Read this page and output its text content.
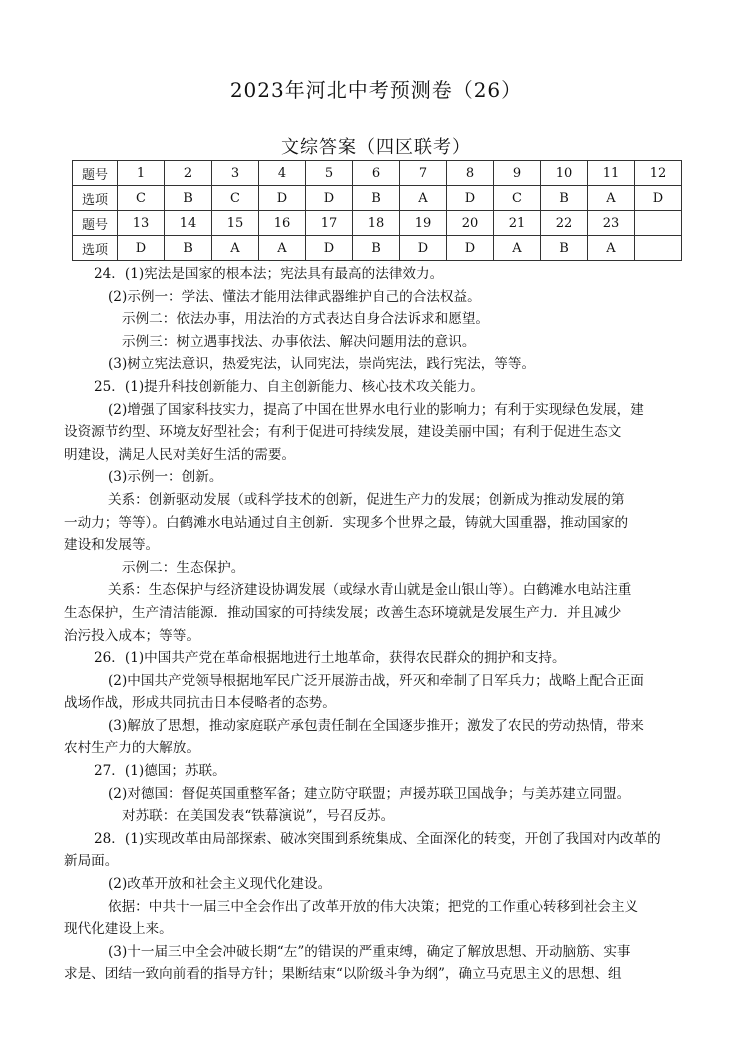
2023年河北中考预测卷（26）
文综答案（四区联考）
题号	1	2	3	4	5	6	7	8	9	10	11	12
选项	C	B	C	D	D	B	A	D	C	B	A	D
题号	13	14	15	16	17	18	19	20	21	22	23	
选项	D	B	A	A	D	B	D	D	A	B	A	

24．(1)宪法是国家的根本法；宪法具有最高的法律效力。

(2)示例一：学法、懂法才能用法律武器维护自己的合法权益。

示例二：依法办事，用法治的方式表达自身合法诉求和愿望。

示例三：树立遇事找法、办事依法、解决问题用法的意识。

(3)树立宪法意识，热爱宪法，认同宪法，崇尚宪法，践行宪法，等等。

25．(1)提升科技创新能力、自主创新能力、核心技术攻关能力。

(2)增强了国家科技实力，提高了中国在世界水电行业的影响力；有利于实现绿色发展，建

设资源节约型、环境友好型社会；有利于促进可持续发展，建设美丽中国；有利于促进生态文

明建设，满足人民对美好生活的需要。

(3)示例一：创新。

关系：创新驱动发展（或科学技术的创新，促进生产力的发展；创新成为推动发展的第

一动力；等等）。白鹤滩水电站通过自主创新．实现多个世界之最，铸就大国重器，推动国家的

建设和发展等。

示例二：生态保护。

关系：生态保护与经济建设协调发展（或绿水青山就是金山银山等）。白鹤滩水电站注重

生态保护，生产清洁能源．推动国家的可持续发展；改善生态环境就是发展生产力．并且减少

治污投入成本；等等。

26．(1)中国共产党在革命根据地进行土地革命，获得农民群众的拥护和支持。

(2)中国共产党领导根据地军民广泛开展游击战，歼灭和牵制了日军兵力；战略上配合正面

战场作战，形成共同抗击日本侵略者的态势。

(3)解放了思想，推动家庭联产承包责任制在全国逐步推开；激发了农民的劳动热情，带来

农村生产力的大解放。

27．(1)德国；苏联。

(2)对德国：督促英国重整军备；建立防守联盟；声援苏联卫国战争；与美苏建立同盟。

对苏联：在美国发表“铁幕演说”，号召反苏。

28．(1)实现改革由局部探索、破冰突围到系统集成、全面深化的转变，开创了我国对内改革的

新局面。

(2)改革开放和社会主义现代化建设。

依据：中共十一届三中全会作出了改革开放的伟大决策；把党的工作重心转移到社会主义

现代化建设上来。

(3)十一届三中全会冲破长期“左”的错误的严重束缚，确定了解放思想、开动脑筋、实事

求是、团结一致向前看的指导方针；果断结束“以阶级斗争为纲”，确立马克思主义的思想、组
